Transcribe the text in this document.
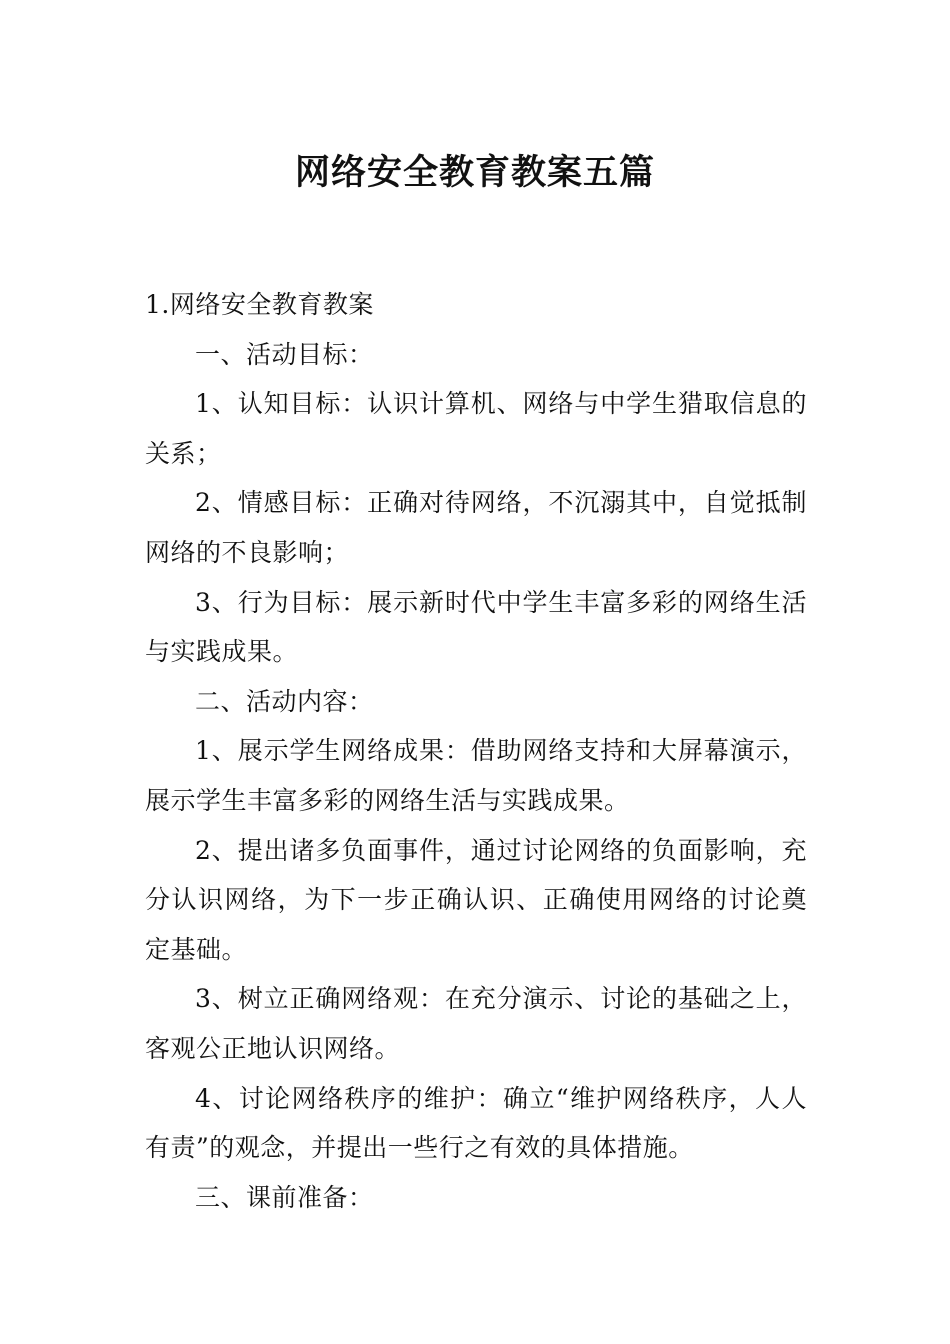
网络安全教育教案五篇
1.网络安全教育教案

一、活动目标：

1、认知目标：认识计算机、网络与中学生猎取信息的关系；

2、情感目标：正确对待网络，不沉溺其中，自觉抵制网络的不良影响；

3、行为目标：展示新时代中学生丰富多彩的网络生活与实践成果。

二、活动内容：

1、展示学生网络成果：借助网络支持和大屏幕演示，展示学生丰富多彩的网络生活与实践成果。

2、提出诸多负面事件，通过讨论网络的负面影响，充分认识网络，为下一步正确认识、正确使用网络的讨论奠定基础。

3、树立正确网络观：在充分演示、讨论的基础之上，客观公正地认识网络。

4、讨论网络秩序的维护：确立“维护网络秩序，人人有责”的观念，并提出一些行之有效的具体措施。

三、课前准备：
